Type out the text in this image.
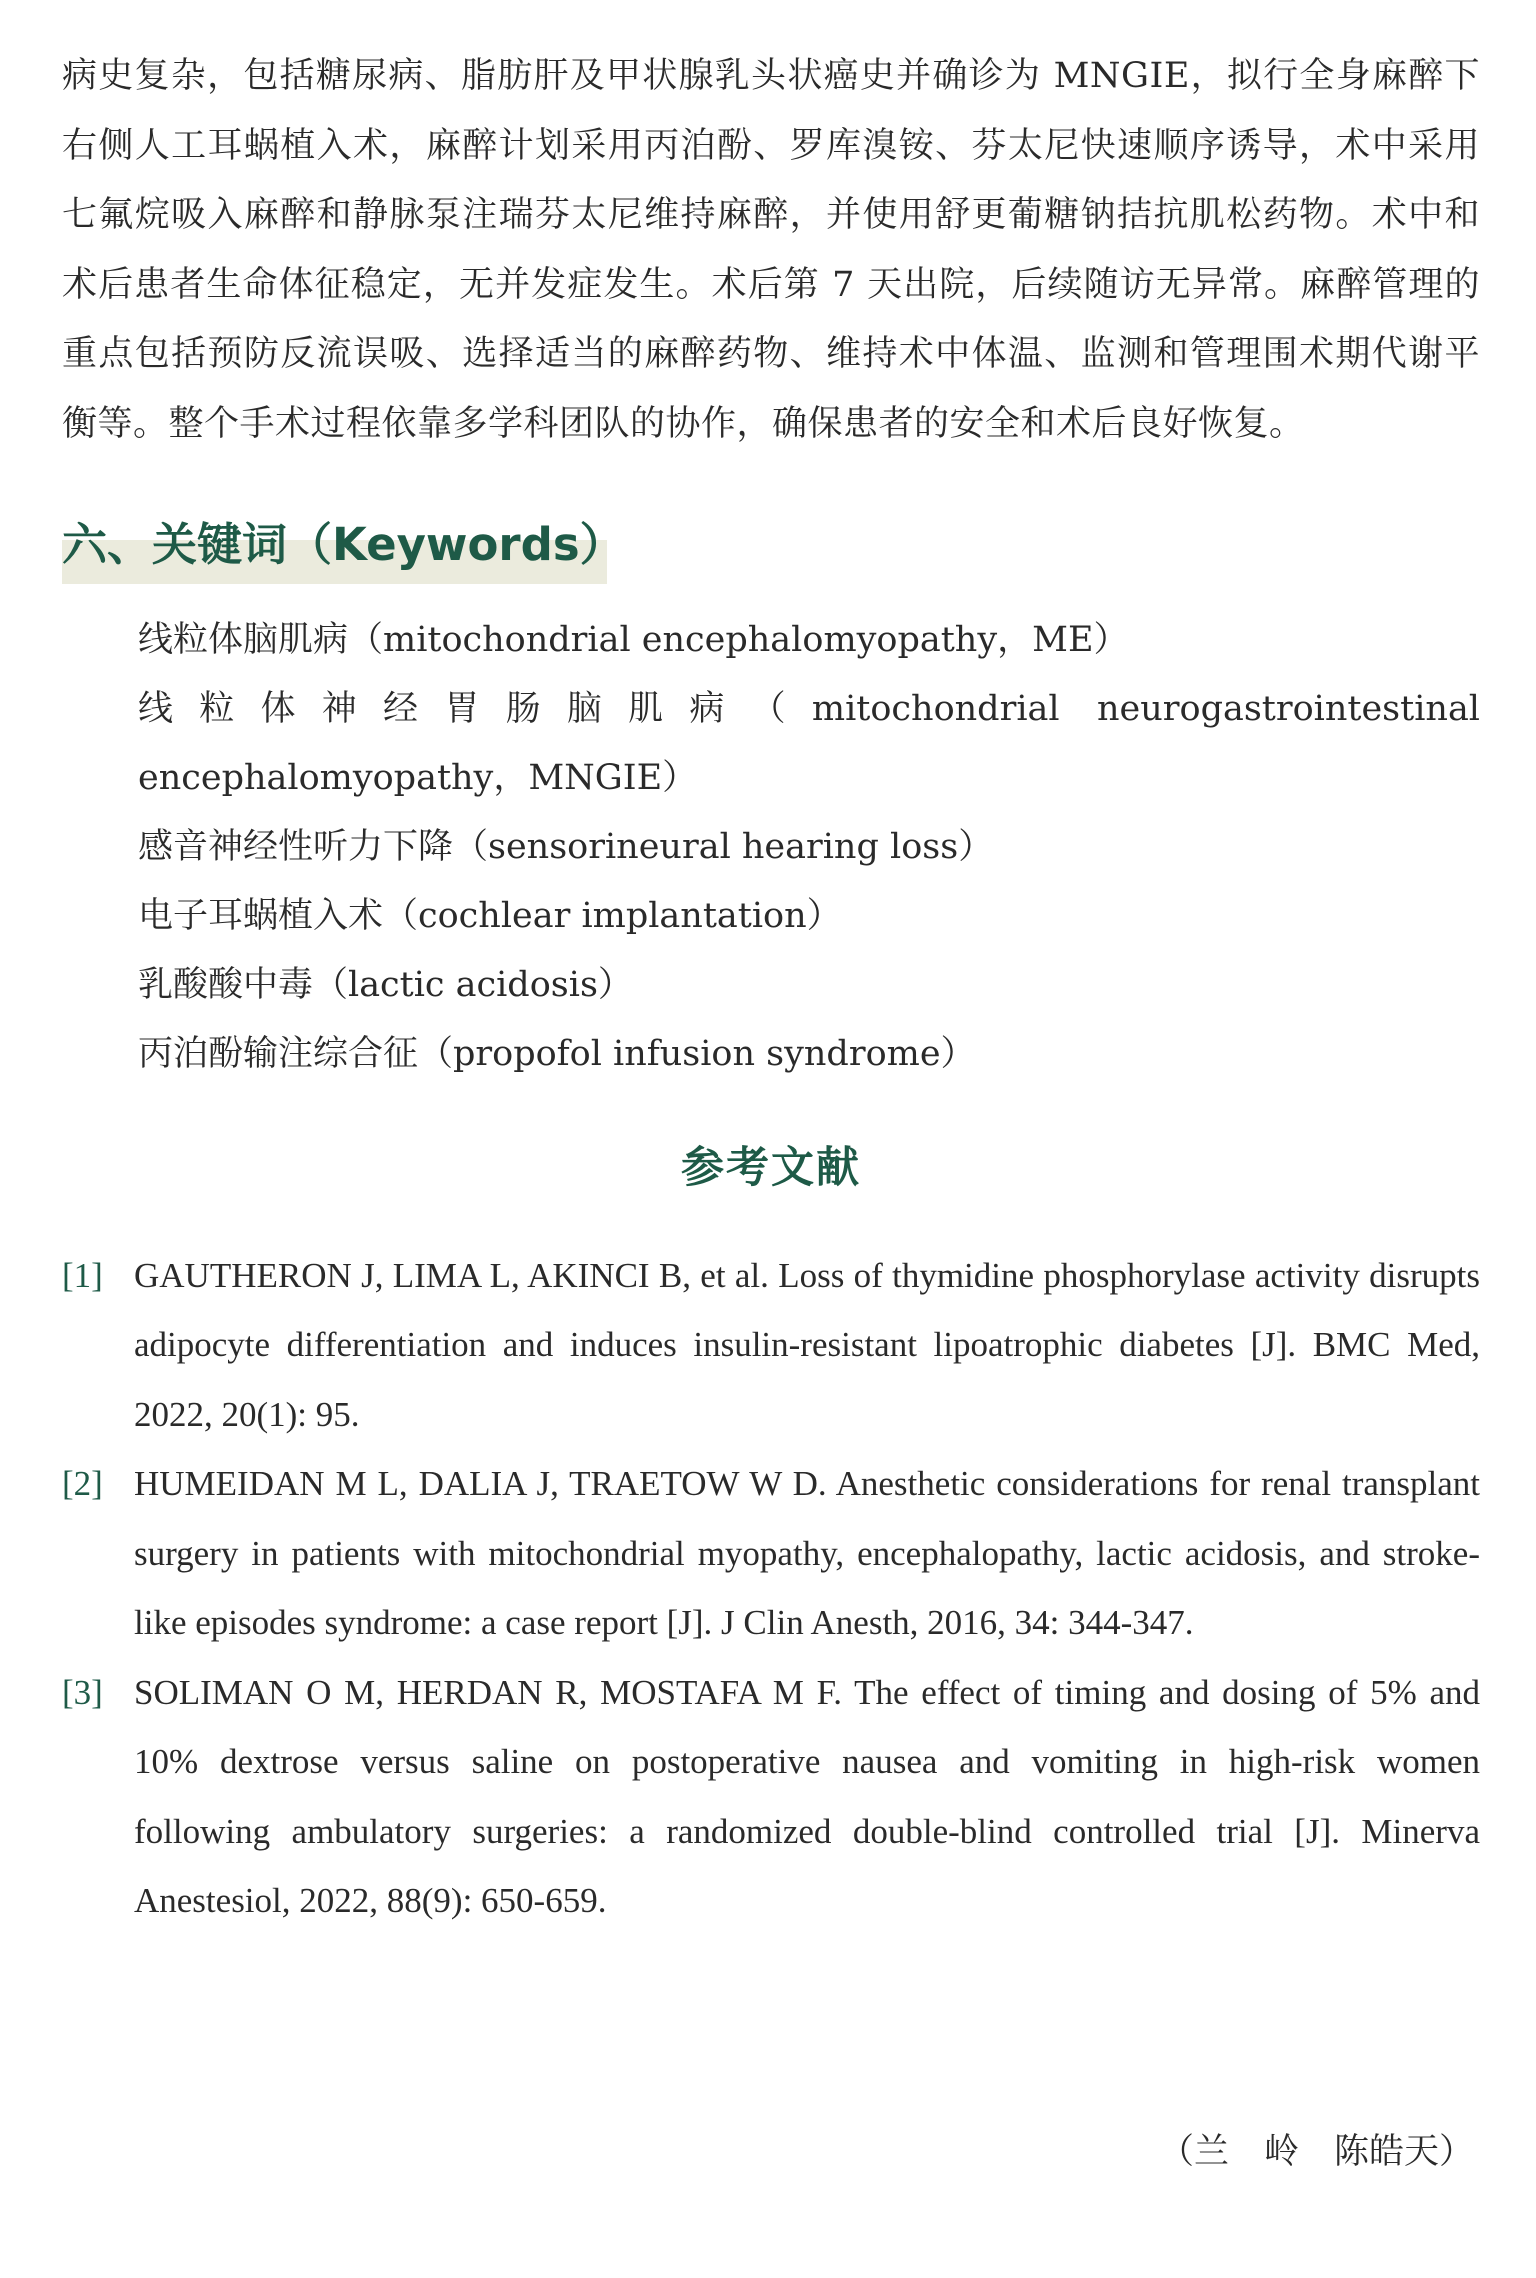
病史复杂，包括糖尿病、脂肪肝及甲状腺乳头状癌史并确诊为 MNGIE，拟行全身麻醉下右侧人工耳蜗植入术，麻醉计划采用丙泊酚、罗库溴铵、芬太尼快速顺序诱导，术中采用七氟烷吸入麻醉和静脉泵注瑞芬太尼维持麻醉，并使用舒更葡糖钠拮抗肌松药物。术中和术后患者生命体征稳定，无并发症发生。术后第 7 天出院，后续随访无异常。麻醉管理的重点包括预防反流误吸、选择适当的麻醉药物、维持术中体温、监测和管理围术期代谢平衡等。整个手术过程依靠多学科团队的协作，确保患者的安全和术后良好恢复。

六、关键词（Keywords）
线粒体脑肌病（mitochondrial encephalomyopathy，ME）
线粒体神经胃肠脑肌病（mitochondrial neurogastrointestinal encephalomyopathy，MNGIE）
感音神经性听力下降（sensorineural hearing loss）
电子耳蜗植入术（cochlear implantation）
乳酸酸中毒（lactic acidosis）
丙泊酚输注综合征（propofol infusion syndrome）
参考文献
[1] GAUTHERON J, LIMA L, AKINCI B, et al. Loss of thymidine phosphorylase activity disrupts adipocyte differentiation and induces insulin-resistant lipoatrophic diabetes [J]. BMC Med, 2022, 20(1): 95.
[2] HUMEIDAN M L, DALIA J, TRAETOW W D. Anesthetic considerations for renal transplant surgery in patients with mitochondrial myopathy, encephalopathy, lactic acidosis, and stroke-like episodes syndrome: a case report [J]. J Clin Anesth, 2016, 34: 344-347.
[3] SOLIMAN O M, HERDAN R, MOSTAFA M F. The effect of timing and dosing of 5% and 10% dextrose versus saline on postoperative nausea and vomiting in high-risk women following ambulatory surgeries: a randomized double-blind controlled trial [J]. Minerva Anestesiol, 2022, 88(9): 650-659.
（兰　岭　陈皓天）
